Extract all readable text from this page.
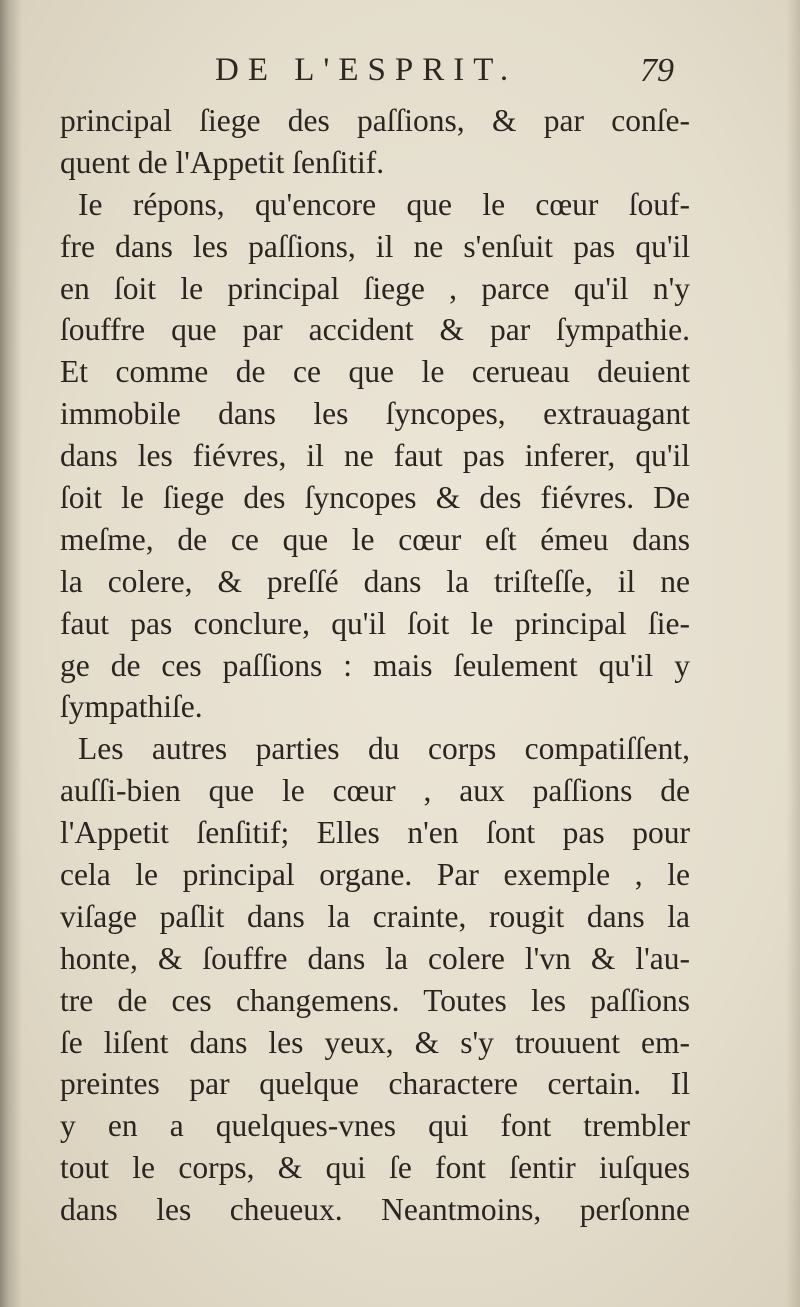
DE L'ESPRIT.	79
principal ſiege des paſſions, & par conſe-
quent de l'Appetit ſenſitif.
Ie répons, qu'encore que le cœur ſouf-
fre dans les paſſions, il ne s'enſuit pas qu'il
en ſoit le principal ſiege , parce qu'il n'y
ſouffre que par accident & par ſympathie.
Et comme de ce que le cerueau deuient
immobile dans les ſyncopes, extrauagant
dans les fiévres, il ne faut pas inferer, qu'il
ſoit le ſiege des ſyncopes & des fiévres. De
meſme, de ce que le cœur eſt émeu dans
la colere, & preſſé dans la triſteſſe, il ne
faut pas conclure, qu'il ſoit le principal ſie-
ge de ces paſſions : mais ſeulement qu'il y
ſympathiſe.
Les autres parties du corps compatiſſent,
auſſi-bien que le cœur , aux paſſions de
l'Appetit ſenſitif; Elles n'en ſont pas pour
cela le principal organe. Par exemple , le
viſage paſlit dans la crainte, rougit dans la
honte, & ſouffre dans la colere l'vn & l'au-
tre de ces changemens. Toutes les paſſions
ſe liſent dans les yeux, & s'y trouuent em-
preintes par quelque charactere certain. Il
y en a quelques-vnes qui font trembler
tout le corps, & qui ſe font ſentir iuſques
dans les cheueux. Neantmoins, perſonne
